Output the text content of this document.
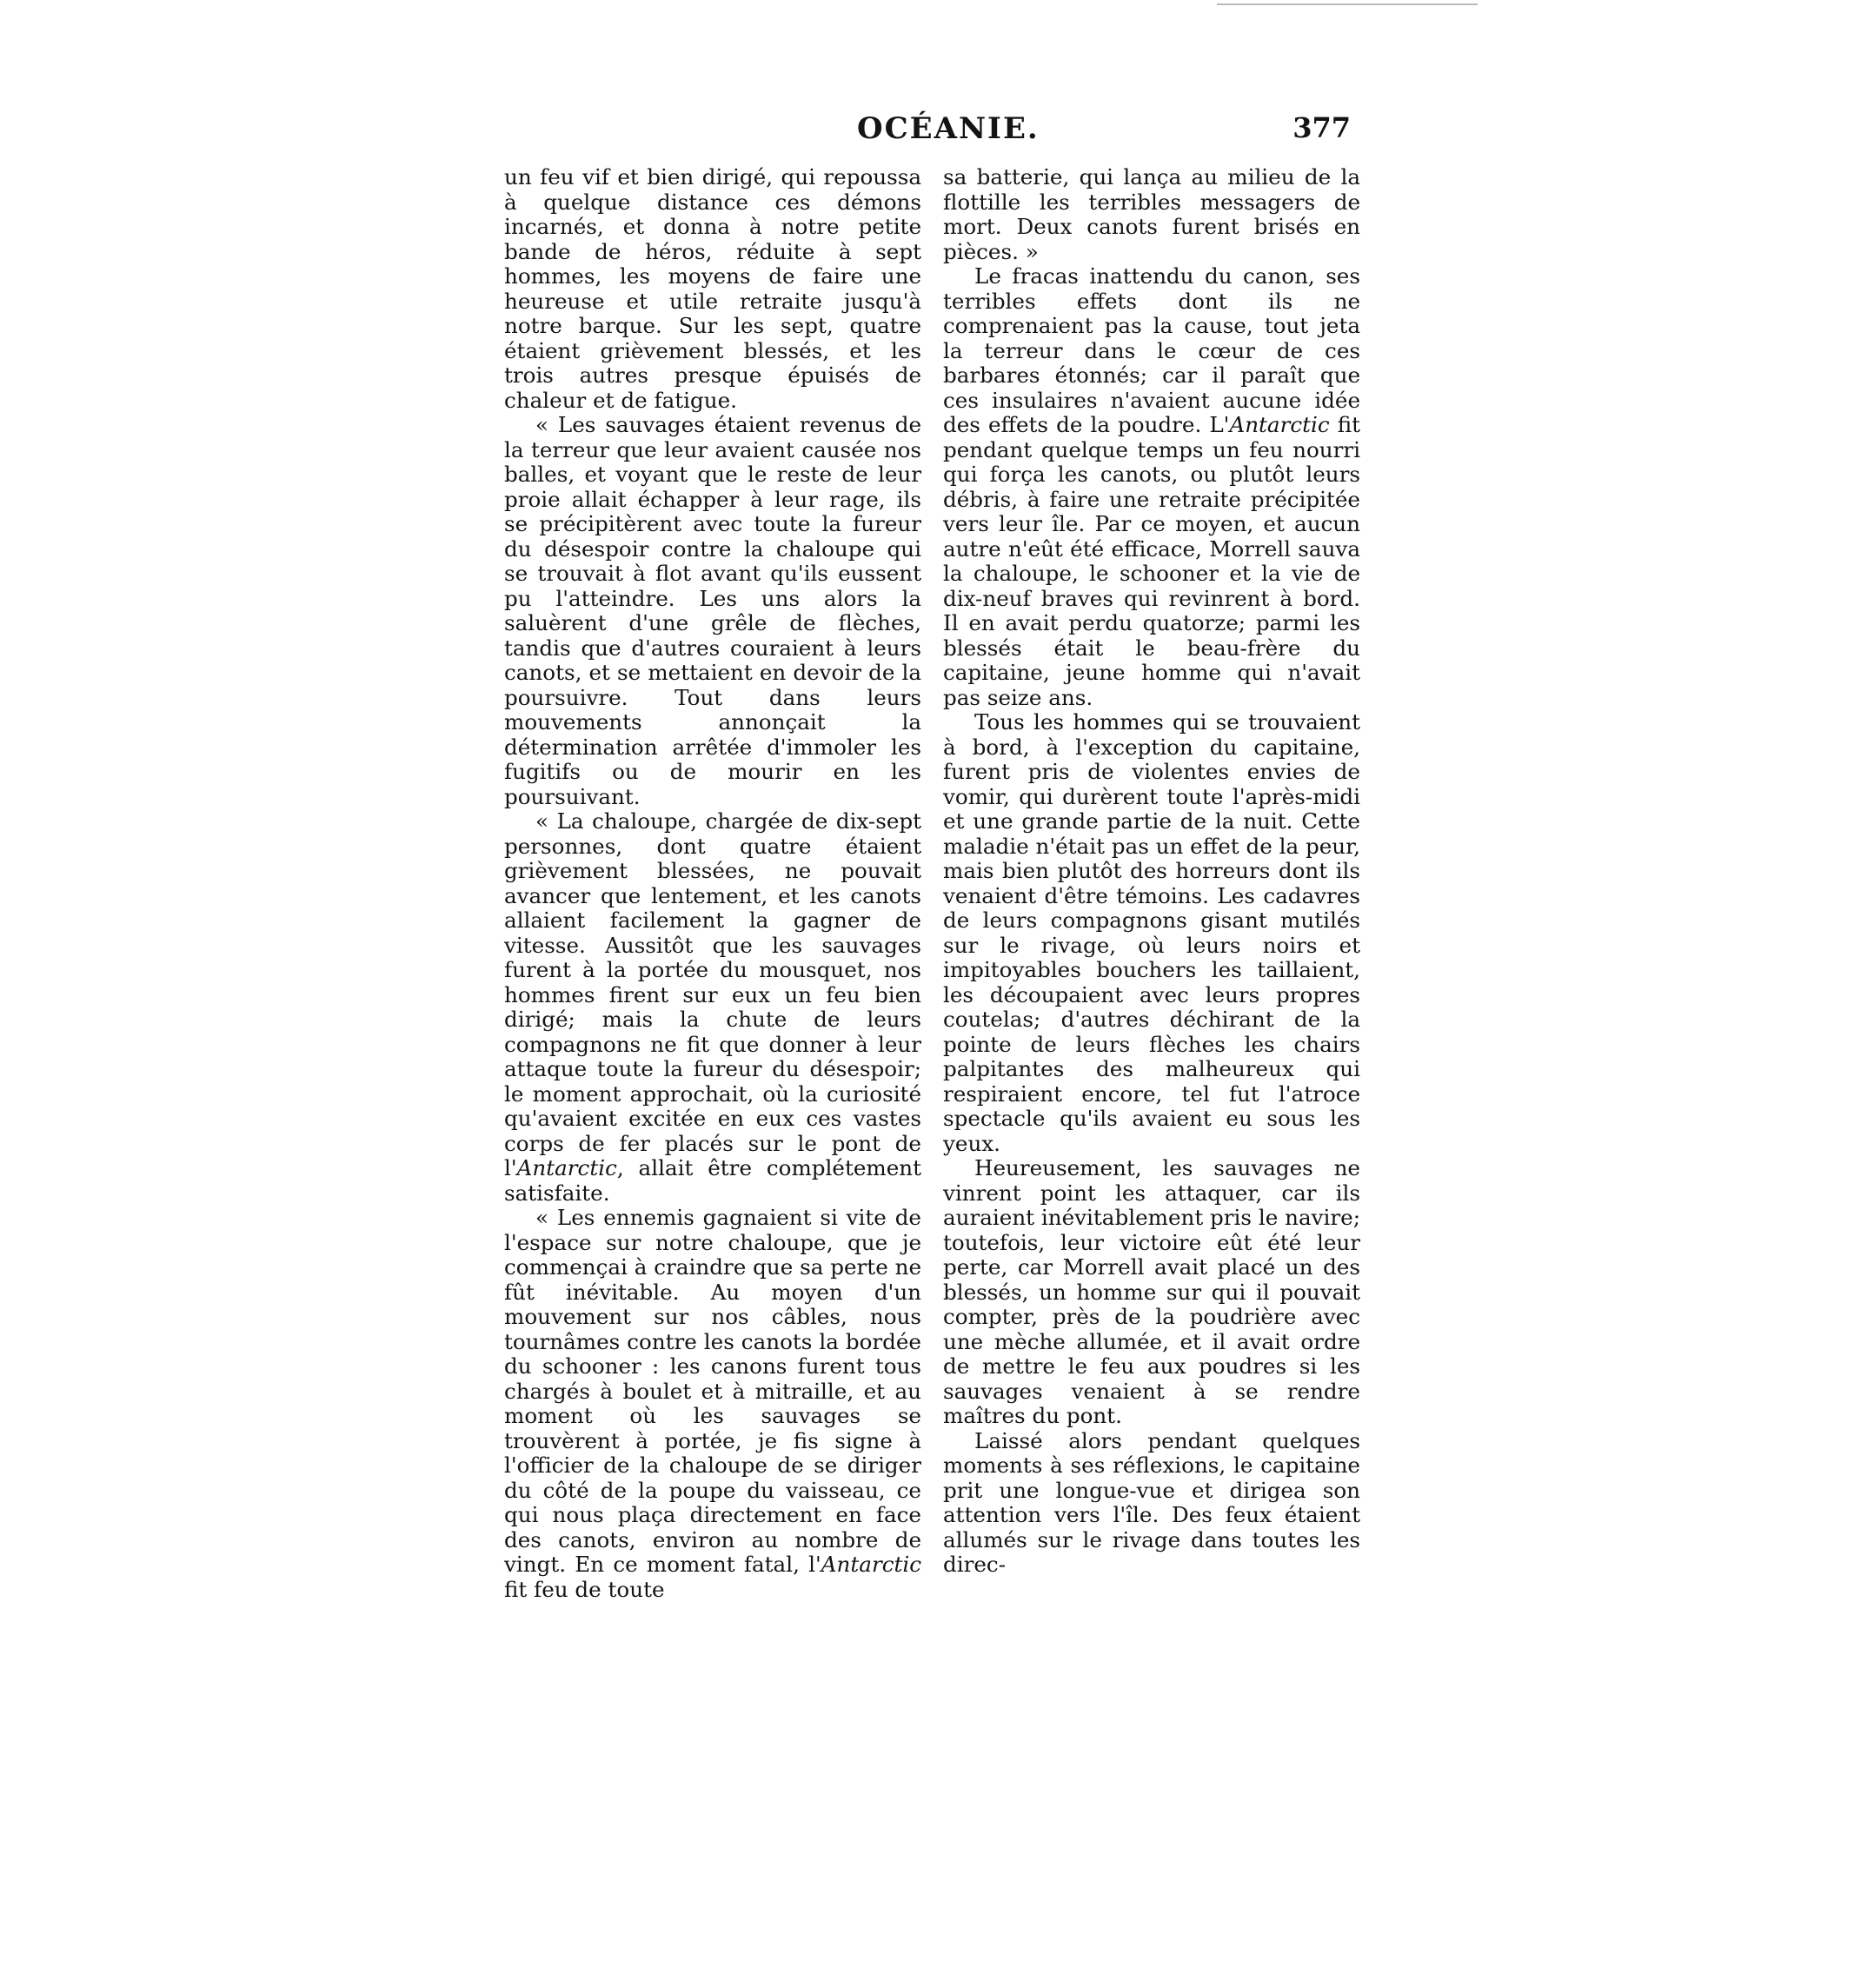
OCÉANIE.	377

un feu vif et bien dirigé, qui repoussa à quelque distance ces démons incarnés, et donna à notre petite bande de héros, réduite à sept hommes, les moyens de faire une heureuse et utile retraite jusqu'à notre barque. Sur les sept, quatre étaient grièvement blessés, et les trois autres presque épuisés de chaleur et de fatigue.

« Les sauvages étaient revenus de la terreur que leur avaient causée nos balles, et voyant que le reste de leur proie allait échapper à leur rage, ils se précipitèrent avec toute la fureur du désespoir contre la chaloupe qui se trouvait à flot avant qu'ils eussent pu l'atteindre. Les uns alors la saluèrent d'une grêle de flèches, tandis que d'autres couraient à leurs canots, et se mettaient en devoir de la poursuivre. Tout dans leurs mouvements annonçait la détermination arrêtée d'immoler les fugitifs ou de mourir en les poursuivant.

« La chaloupe, chargée de dix-sept personnes, dont quatre étaient grièvement blessées, ne pouvait avancer que lentement, et les canots allaient facilement la gagner de vitesse. Aussitôt que les sauvages furent à la portée du mousquet, nos hommes firent sur eux un feu bien dirigé; mais la chute de leurs compagnons ne fit que donner à leur attaque toute la fureur du désespoir; le moment approchait, où la curiosité qu'avaient excitée en eux ces vastes corps de fer placés sur le pont de l'Antarctic, allait être complétement satisfaite.

« Les ennemis gagnaient si vite de l'espace sur notre chaloupe, que je commençai à craindre que sa perte ne fût inévitable. Au moyen d'un mouvement sur nos câbles, nous tournâmes contre les canots la bordée du schooner : les canons furent tous chargés à boulet et à mitraille, et au moment où les sauvages se trouvèrent à portée, je fis signe à l'officier de la chaloupe de se diriger du côté de la poupe du vaisseau, ce qui nous plaça directement en face des canots, environ au nombre de vingt. En ce moment fatal, l'Antarctic fit feu de toute

sa batterie, qui lança au milieu de la flottille les terribles messagers de mort. Deux canots furent brisés en pièces. »

Le fracas inattendu du canon, ses terribles effets dont ils ne comprenaient pas la cause, tout jeta la terreur dans le cœur de ces barbares étonnés; car il paraît que ces insulaires n'avaient aucune idée des effets de la poudre. L'Antarctic fit pendant quelque temps un feu nourri qui força les canots, ou plutôt leurs débris, à faire une retraite précipitée vers leur île. Par ce moyen, et aucun autre n'eût été efficace, Morrell sauva la chaloupe, le schooner et la vie de dix-neuf braves qui revinrent à bord. Il en avait perdu quatorze; parmi les blessés était le beau-frère du capitaine, jeune homme qui n'avait pas seize ans.

Tous les hommes qui se trouvaient à bord, à l'exception du capitaine, furent pris de violentes envies de vomir, qui durèrent toute l'après-midi et une grande partie de la nuit. Cette maladie n'était pas un effet de la peur, mais bien plutôt des horreurs dont ils venaient d'être témoins. Les cadavres de leurs compagnons gisant mutilés sur le rivage, où leurs noirs et impitoyables bouchers les taillaient, les découpaient avec leurs propres coutelas; d'autres déchirant de la pointe de leurs flèches les chairs palpitantes des malheureux qui respiraient encore, tel fut l'atroce spectacle qu'ils avaient eu sous les yeux.

Heureusement, les sauvages ne vinrent point les attaquer, car ils auraient inévitablement pris le navire; toutefois, leur victoire eût été leur perte, car Morrell avait placé un des blessés, un homme sur qui il pouvait compter, près de la poudrière avec une mèche allumée, et il avait ordre de mettre le feu aux poudres si les sauvages venaient à se rendre maîtres du pont.

Laissé alors pendant quelques moments à ses réflexions, le capitaine prit une longue-vue et dirigea son attention vers l'île. Des feux étaient allumés sur le rivage dans toutes les direc-
